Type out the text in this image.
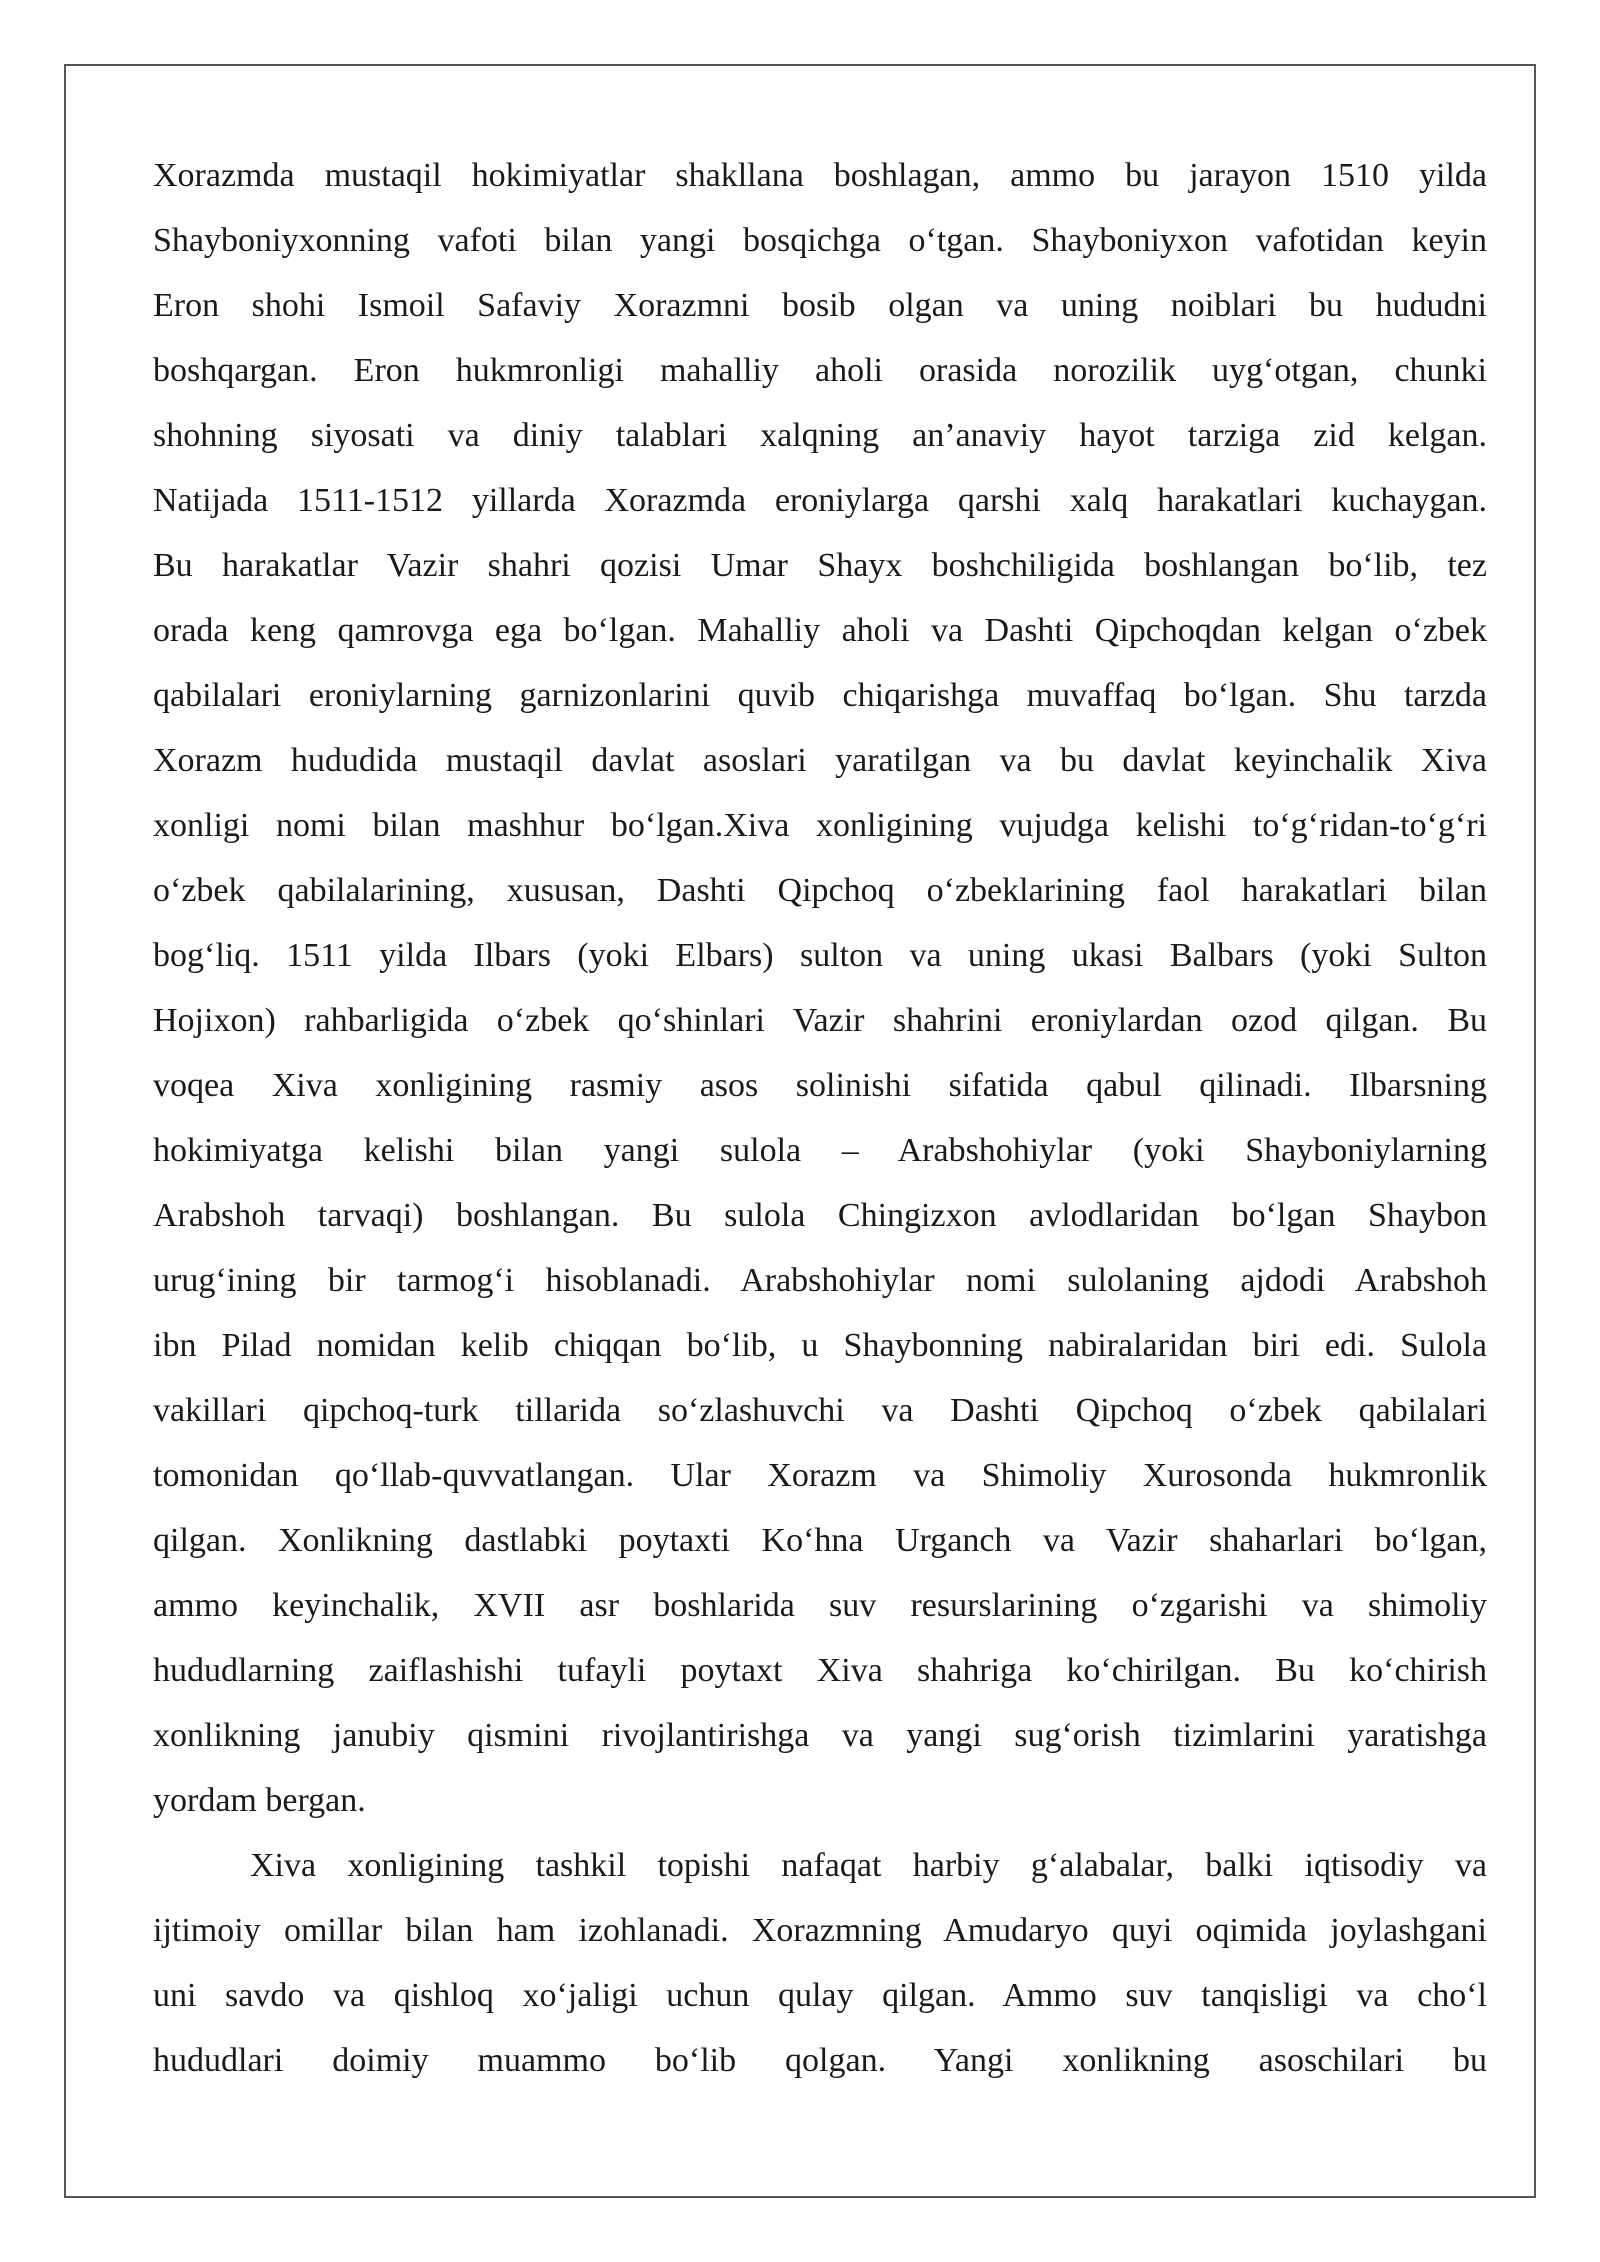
Xorazmda mustaqil hokimiyatlar shakllana boshlagan, ammo bu jarayon 1510 yilda
Shayboniyxonning vafoti bilan yangi bosqichga o‘tgan. Shayboniyxon vafotidan keyin
Eron shohi Ismoil Safaviy Xorazmni bosib olgan va uning noiblari bu hududni
boshqargan. Eron hukmronligi mahalliy aholi orasida norozilik uyg‘otgan, chunki
shohning siyosati va diniy talablari xalqning an’anaviy hayot tarziga zid kelgan.
Natijada 1511-1512 yillarda Xorazmda eroniylarga qarshi xalq harakatlari kuchaygan.
Bu harakatlar Vazir shahri qozisi Umar Shayx boshchiligida boshlangan bo‘lib, tez
orada keng qamrovga ega bo‘lgan. Mahalliy aholi va Dashti Qipchoqdan kelgan o‘zbek
qabilalari eroniylarning garnizonlarini quvib chiqarishga muvaffaq bo‘lgan. Shu tarzda
Xorazm hududida mustaqil davlat asoslari yaratilgan va bu davlat keyinchalik Xiva
xonligi nomi bilan mashhur bo‘lgan.Xiva xonligining vujudga kelishi to‘g‘ridan-to‘g‘ri
o‘zbek qabilalarining, xususan, Dashti Qipchoq o‘zbeklarining faol harakatlari bilan
bog‘liq. 1511 yilda Ilbars (yoki Elbars) sulton va uning ukasi Balbars (yoki Sulton
Hojixon) rahbarligida o‘zbek qo‘shinlari Vazir shahrini eroniylardan ozod qilgan. Bu
voqea Xiva xonligining rasmiy asos solinishi sifatida qabul qilinadi. Ilbarsning
hokimiyatga kelishi bilan yangi sulola – Arabshohiylar (yoki Shayboniylarning
Arabshoh tarvaqi) boshlangan. Bu sulola Chingizxon avlodlaridan bo‘lgan Shaybon
urug‘ining bir tarmog‘i hisoblanadi. Arabshohiylar nomi sulolaning ajdodi Arabshoh
ibn Pilad nomidan kelib chiqqan bo‘lib, u Shaybonning nabiralaridan biri edi. Sulola
vakillari qipchoq-turk tillarida so‘zlashuvchi va Dashti Qipchoq o‘zbek qabilalari
tomonidan qo‘llab-quvvatlangan. Ular Xorazm va Shimoliy Xurosonda hukmronlik
qilgan. Xonlikning dastlabki poytaxti Ko‘hna Urganch va Vazir shaharlari bo‘lgan,
ammo keyinchalik, XVII asr boshlarida suv resurslarining o‘zgarishi va shimoliy
hududlarning zaiflashishi tufayli poytaxt Xiva shahriga ko‘chirilgan. Bu ko‘chirish
xonlikning janubiy qismini rivojlantirishga va yangi sug‘orish tizimlarini yaratishga
yordam bergan.
Xiva xonligining tashkil topishi nafaqat harbiy g‘alabalar, balki iqtisodiy va
ijtimoiy omillar bilan ham izohlanadi. Xorazmning Amudaryo quyi oqimida joylashgani
uni savdo va qishloq xo‘jaligi uchun qulay qilgan. Ammo suv tanqisligi va cho‘l
hududlari doimiy muammo bo‘lib qolgan. Yangi xonlikning asoschilari bu
